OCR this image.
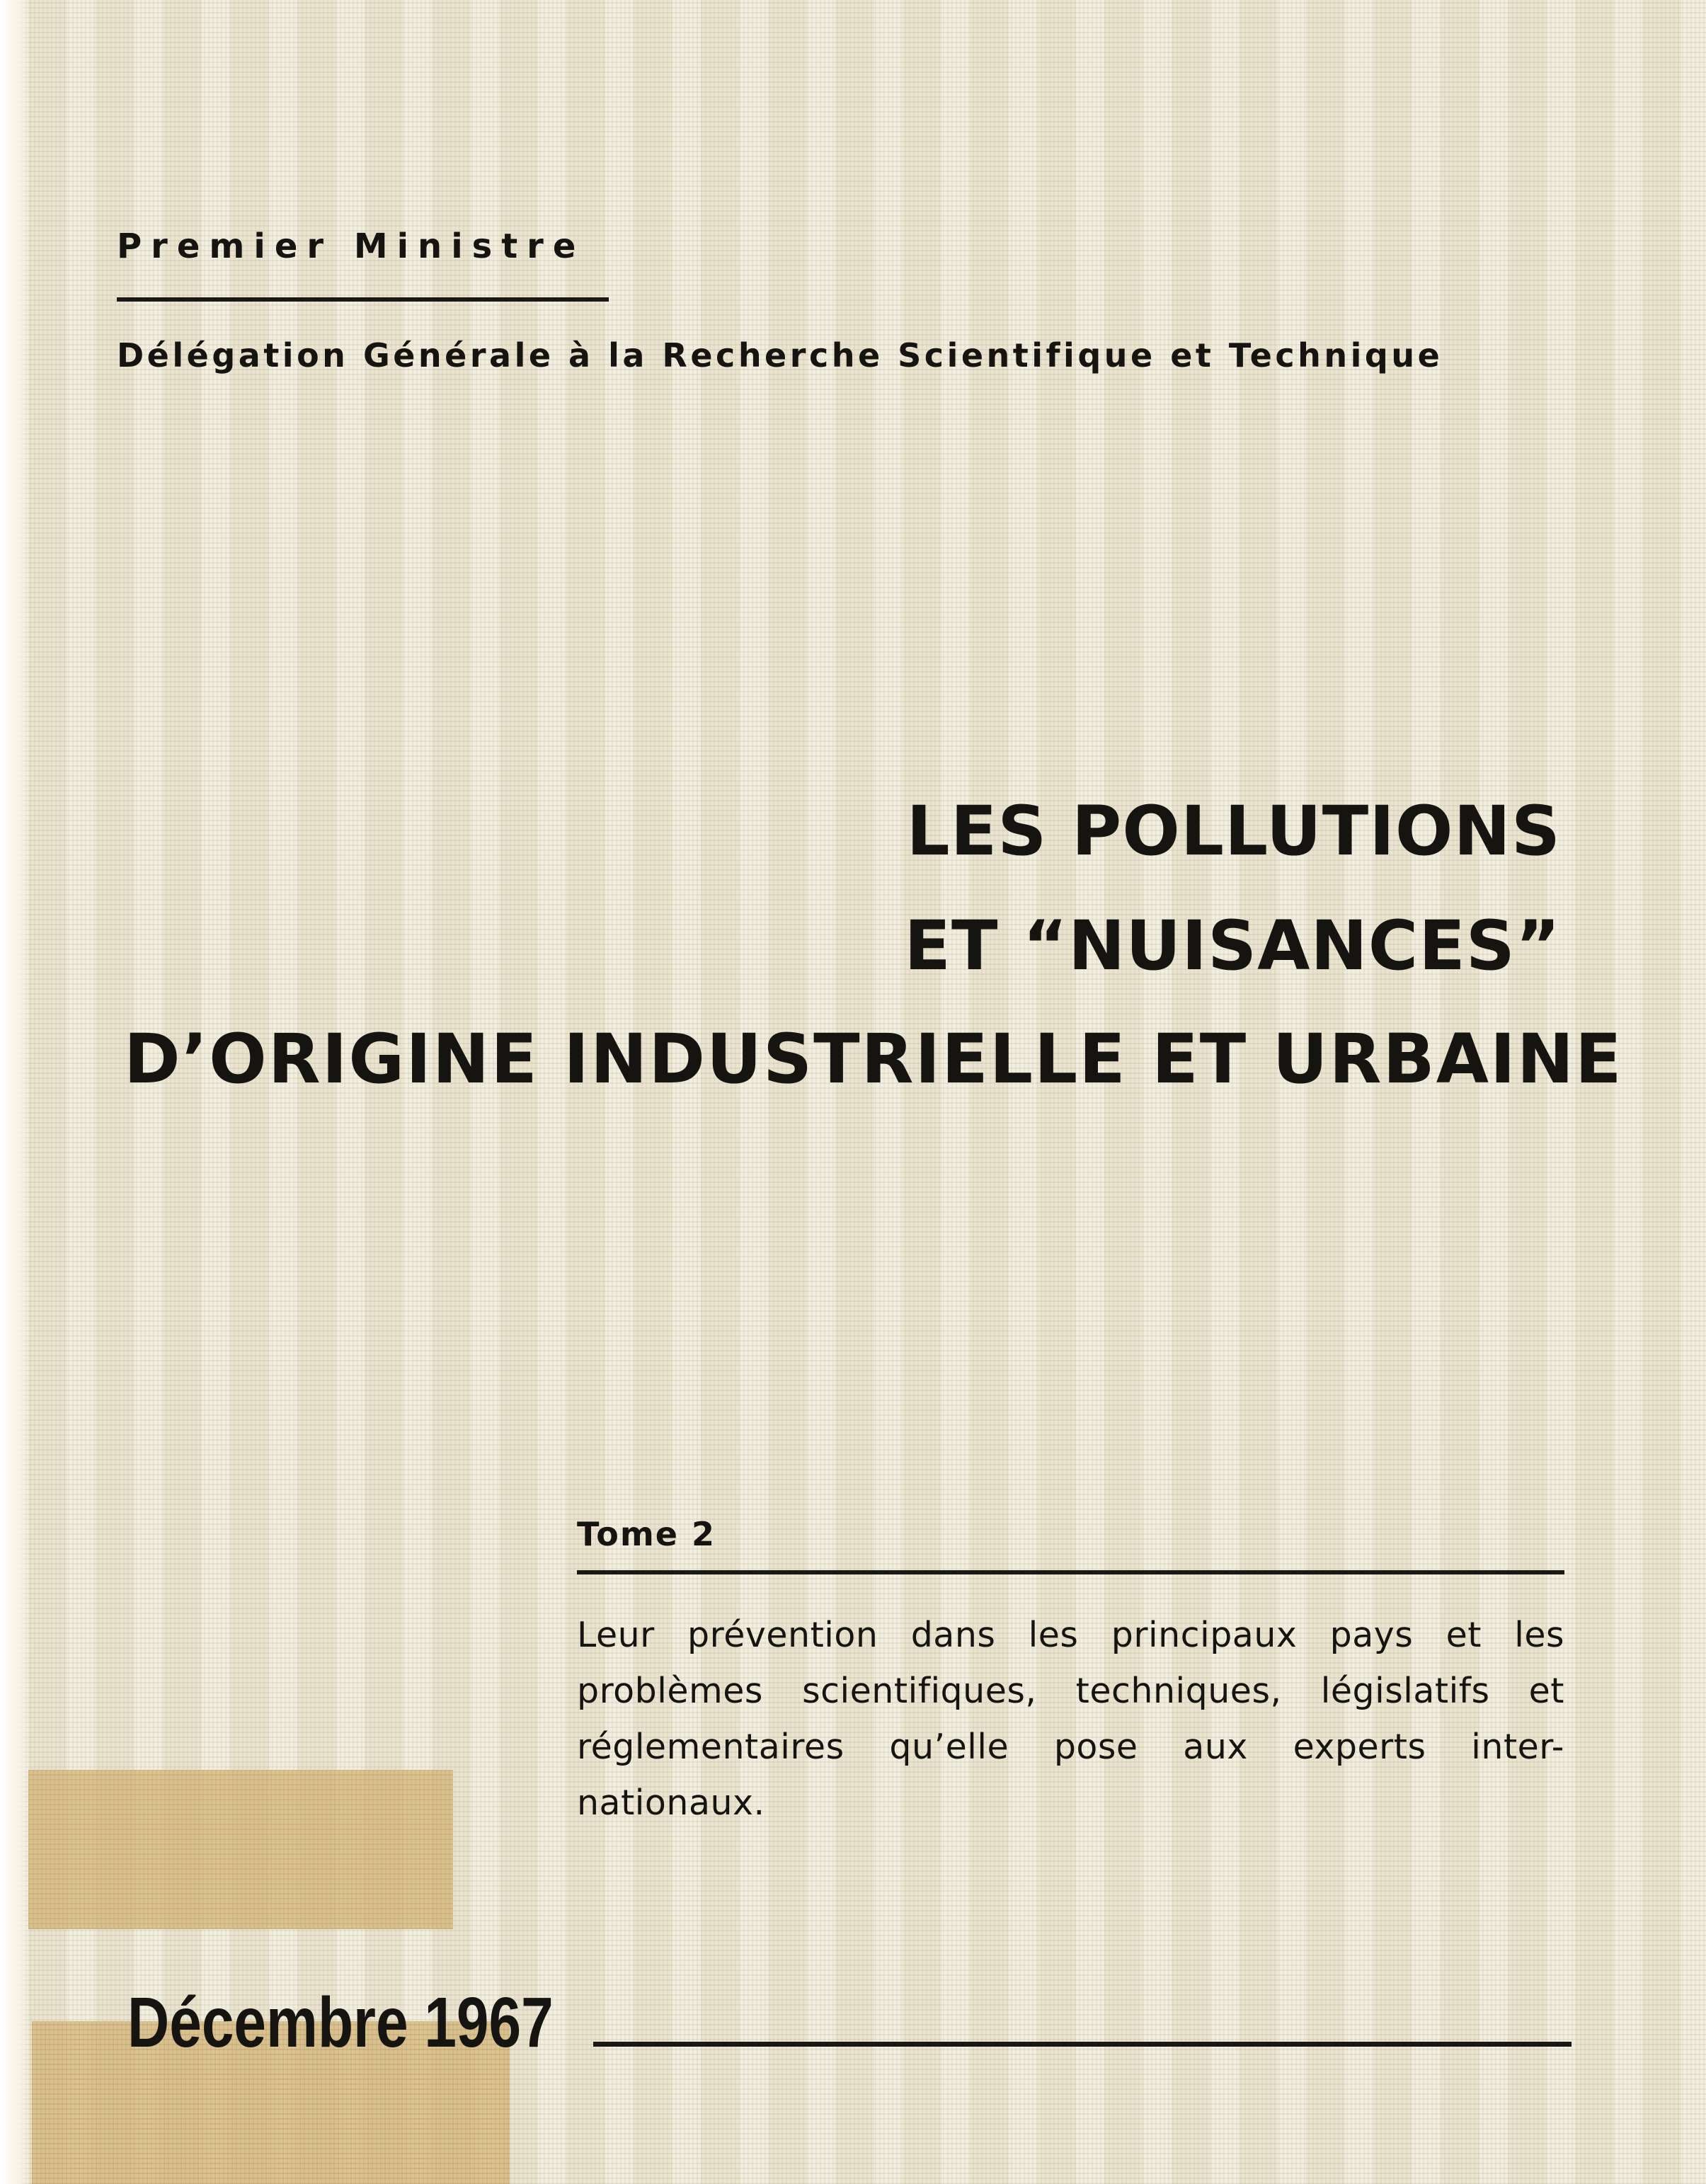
Premier Ministre
Délégation Générale à la Recherche Scientifique et Technique
LES POLLUTIONS
ET “NUISANCES”
D’ORIGINE INDUSTRIELLE ET URBAINE
Tome 2
Leur prévention dans les principaux pays et les problèmes scientifiques, techniques, législatifs et réglementaires qu’elle pose aux experts inter-nationaux.
Décembre 1967
